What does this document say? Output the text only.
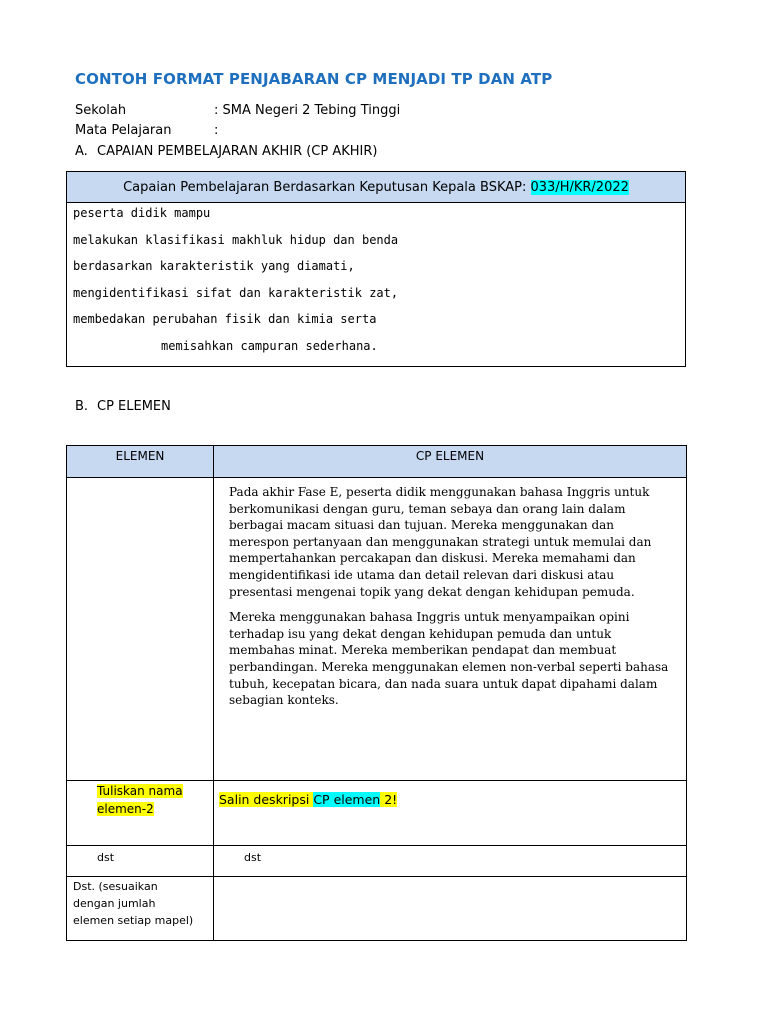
CONTOH FORMAT PENJABARAN CP MENJADI TP DAN ATP
Sekolah	: SMA Negeri 2 Tebing Tinggi
Mata Pelajaran	:
A. CAPAIAN PEMBELAJARAN AKHIR (CP AKHIR)
Capaian Pembelajaran Berdasarkan Keputusan Kepala BSKAP:
033/H/KR/2022
peserta didik mampu
melakukan klasifikasi makhluk hidup dan benda
berdasarkan karakteristik yang diamati,
mengidentifikasi sifat dan karakteristik zat,
membedakan perubahan fisik dan kimia serta
memisahkan campuran sederhana.
B. CP ELEMEN
ELEMEN	CP ELEMEN

	Pada akhir Fase E, peserta didik menggunakan bahasa Inggris untuk berkomunikasi dengan guru, teman sebaya dan orang lain dalam berbagai macam situasi dan tujuan. Mereka menggunakan dan merespon pertanyaan dan menggunakan strategi untuk memulai dan mempertahankan percakapan dan diskusi. Mereka memahami dan mengidentifikasi ide utama dan detail relevan dari diskusi atau presentasi mengenai topik yang dekat dengan kehidupan pemuda.

Mereka menggunakan bahasa Inggris untuk menyampaikan opini terhadap isu yang dekat dengan kehidupan pemuda dan untuk membahas minat. Mereka memberikan pendapat dan membuat perbandingan. Mereka menggunakan elemen non-verbal seperti bahasa tubuh, kecepatan bicara, dan nada suara untuk dapat dipahami dalam sebagian konteks.

Tuliskan nama elemen-2	Salin deskripsi CP elemen 2!
dst	dst

Dst. (sesuaikan dengan jumlah elemen setiap mapel)	
